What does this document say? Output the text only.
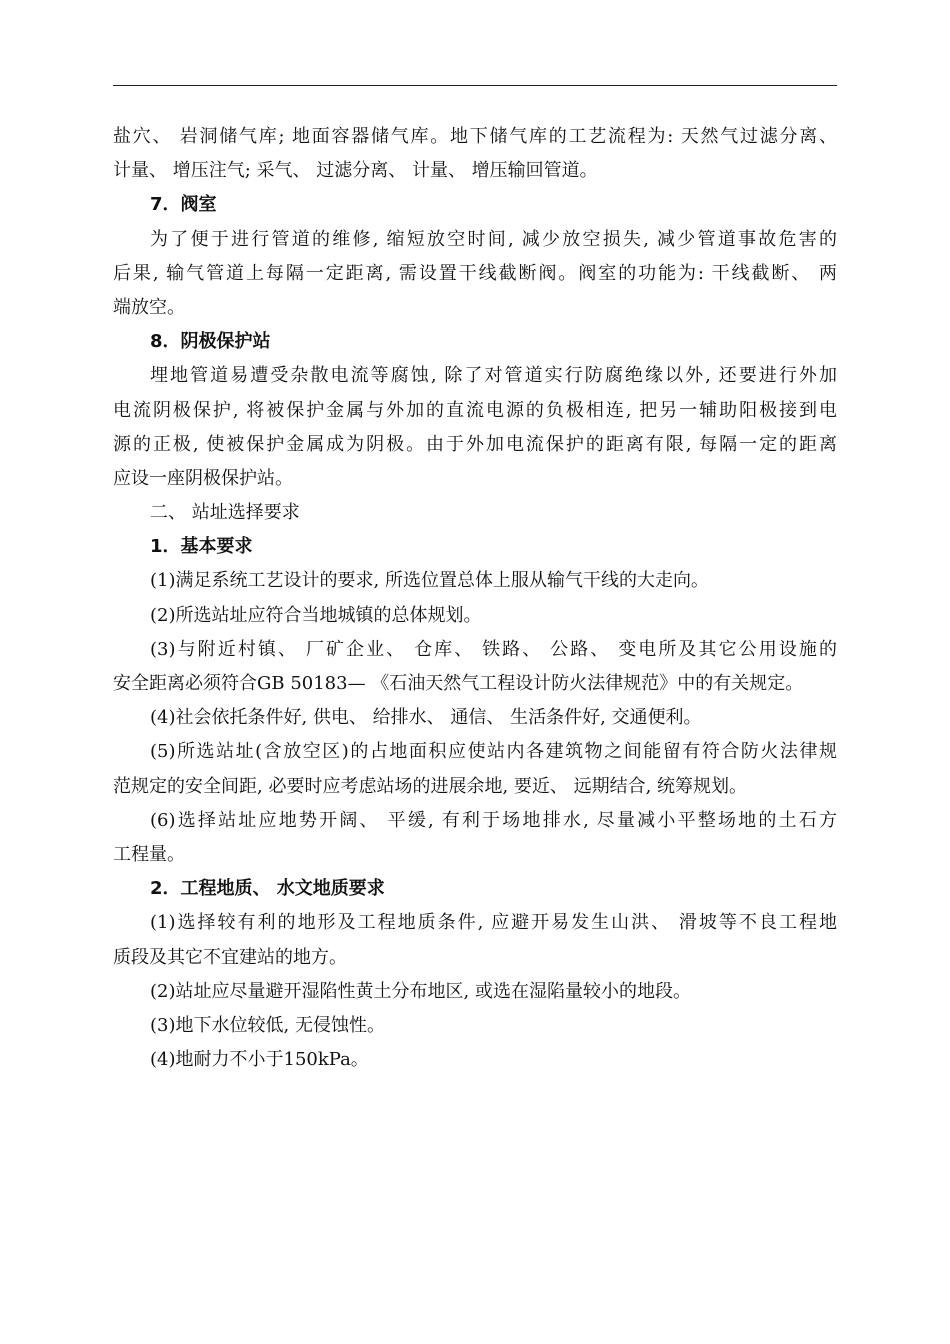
盐穴、 岩洞储气库; 地面容器储气库。地下储气库的工艺流程为: 天然气过滤分离、
计量、 增压注气; 采气、 过滤分离、 计量、 增压输回管道。
7．阀室
为了便于进行管道的维修, 缩短放空时间, 减少放空损失, 减少管道事故危害的
后果, 输气管道上每隔一定距离, 需设置干线截断阀。阀室的功能为: 干线截断、 两
端放空。
8．阴极保护站
埋地管道易遭受杂散电流等腐蚀, 除了对管道实行防腐绝缘以外, 还要进行外加
电流阴极保护, 将被保护金属与外加的直流电源的负极相连, 把另一辅助阳极接到电
源的正极, 使被保护金属成为阴极。由于外加电流保护的距离有限, 每隔一定的距离
应设一座阴极保护站。
二、 站址选择要求
1．基本要求
(1)满足系统工艺设计的要求, 所选位置总体上服从输气干线的大走向。
(2)所选站址应符合当地城镇的总体规划。
(3)与附近村镇、 厂矿企业、 仓库、 铁路、 公路、 变电所及其它公用设施的
安全距离必须符合GB 50183— 《石油天然气工程设计防火法律规范》中的有关规定。
(4)社会依托条件好, 供电、 给排水、 通信、 生活条件好, 交通便利。
(5)所选站址(含放空区)的占地面积应使站内各建筑物之间能留有符合防火法律规
范规定的安全间距, 必要时应考虑站场的进展余地, 要近、 远期结合, 统筹规划。
(6)选择站址应地势开阔、 平缓, 有利于场地排水, 尽量减小平整场地的土石方
工程量。
2．工程地质、 水文地质要求
(1)选择较有利的地形及工程地质条件, 应避开易发生山洪、 滑坡等不良工程地
质段及其它不宜建站的地方。
(2)站址应尽量避开湿陷性黄土分布地区, 或选在湿陷量较小的地段。
(3)地下水位较低, 无侵蚀性。
(4)地耐力不小于150kPa。
